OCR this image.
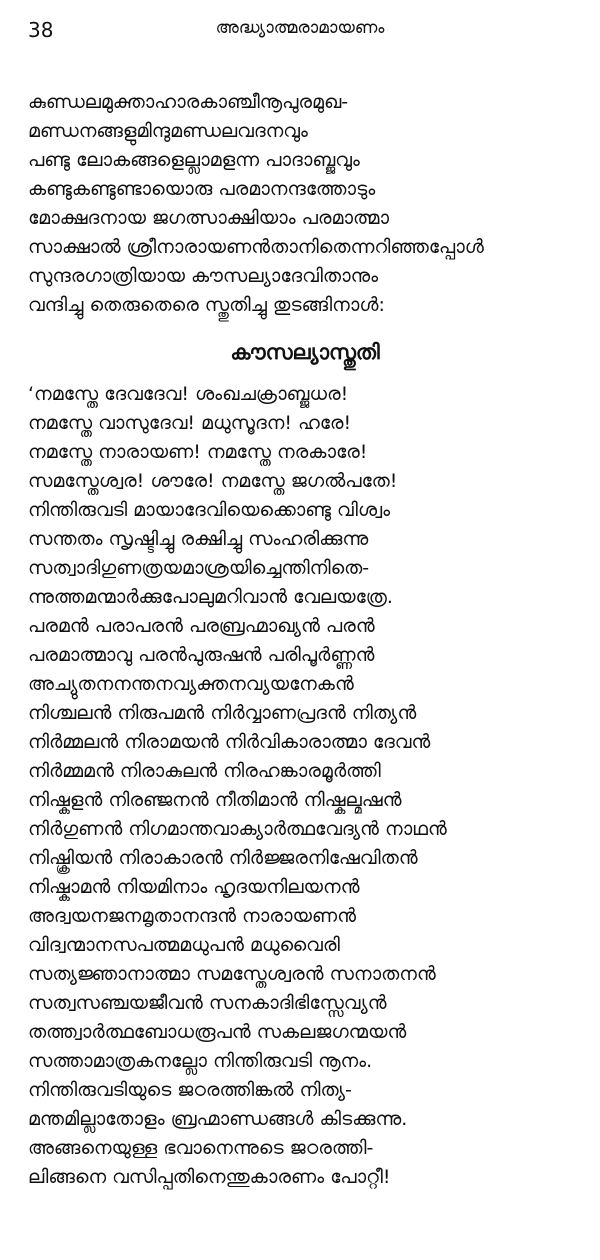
38	അദ്ധ്യാത്മരാമായണം
കുണ്ഡലമുക്താഹാരകാഞ്ചീനൂപുരമുഖ-
മണ്ഡനങ്ങളുമിന്ദുമണ്ഡലവദനവും
പണ്ടു ലോകങ്ങളെല്ലാമളന്ന പാദാബ്ജവും
കണ്ടുകണ്ടുണ്ടായൊരു പരമാനന്ദത്തോടും
മോക്ഷദനായ ജഗത്സാക്ഷിയാം പരമാത്മാ
സാക്ഷാൽ ശ്രീനാരായണൻതാനിതെന്നറിഞ്ഞപ്പോൾ
സുന്ദരഗാത്രിയായ കൗസല്യാദേവിതാനും
വന്ദിച്ചു തെരുതെരെ സ്തുതിച്ചു തുടങ്ങിനാൾ:
കൗസല്യാസ്തുതി
‘നമസ്തേ ദേവദേവ! ശംഖചക്രാബ്ജധര!
നമസ്തേ വാസുദേവ! മധുസൂദന! ഹരേ!
നമസ്തേ നാരായണ! നമസ്തേ നരകാരേ!
സമസ്തേശ്വര! ശൗരേ! നമസ്തേ ജഗൽപതേ!
നിന്തിരുവടി മായാദേവിയെക്കൊണ്ടു വിശ്വം
സന്തതം സൃഷ്ടിച്ചു രക്ഷിച്ചു സംഹരിക്കുന്നു
സത്വാദിഗുണത്രയമാശ്രയിച്ചെന്തിനിതെ-
ന്നുത്തമന്മാർക്കുപോലുമറിവാൻ വേലയത്രേ.
പരമൻ പരാപരൻ പരബ്രഹ്മാഖ്യൻ പരൻ
പരമാത്മാവു പരൻപുരുഷൻ പരിപൂർണ്ണൻ
അച്യുതനനന്തനവ്യക്തനവ്യയനേകൻ
നിശ്ചലൻ നിരുപമൻ നിർവ്വാണപ്രദൻ നിത്യൻ
നിർമ്മലൻ നിരാമയൻ നിർവികാരാത്മാ ദേവൻ
നിർമ്മമൻ നിരാകുലൻ നിരഹങ്കാരമൂർത്തി
നിഷ്കളൻ നിരഞ്ജനൻ നീതിമാൻ നിഷ്കല്മഷൻ
നിർഗുണൻ നിഗമാന്തവാക്യാർത്ഥവേദ്യൻ നാഥൻ
നിഷ്ക്രിയൻ നിരാകാരൻ നിർജ്ജരനിഷേവിതൻ
നിഷ്കാമൻ നിയമിനാം ഹൃദയനിലയനൻ
അദ്വയനജനമൃതാനന്ദൻ നാരായണൻ
വിദ്വന്മാനസപത്മമധുപൻ മധുവൈരി
സത്യജ്ഞാനാത്മാ സമസ്തേശ്വരൻ സനാതനൻ
സത്വസഞ്ചയജീവൻ സനകാദിഭിസ്സേവ്യൻ
തത്ത്വാർത്ഥബോധരൂപൻ സകലജഗന്മയൻ
സത്താമാത്രകനല്ലോ നിന്തിരുവടി നൂനം.
നിന്തിരുവടിയുടെ ജഠരത്തിങ്കൽ നിത്യ-
മന്തമില്ലാതോളം ബ്രഹ്മാണ്ഡങ്ങൾ കിടക്കുന്നു.
അങ്ങനെയുള്ള ഭവാനെന്നുടെ ജഠരത്തി-
ലിങ്ങനെ വസിപ്പതിനെന്തുകാരണം പോറ്റീ!
